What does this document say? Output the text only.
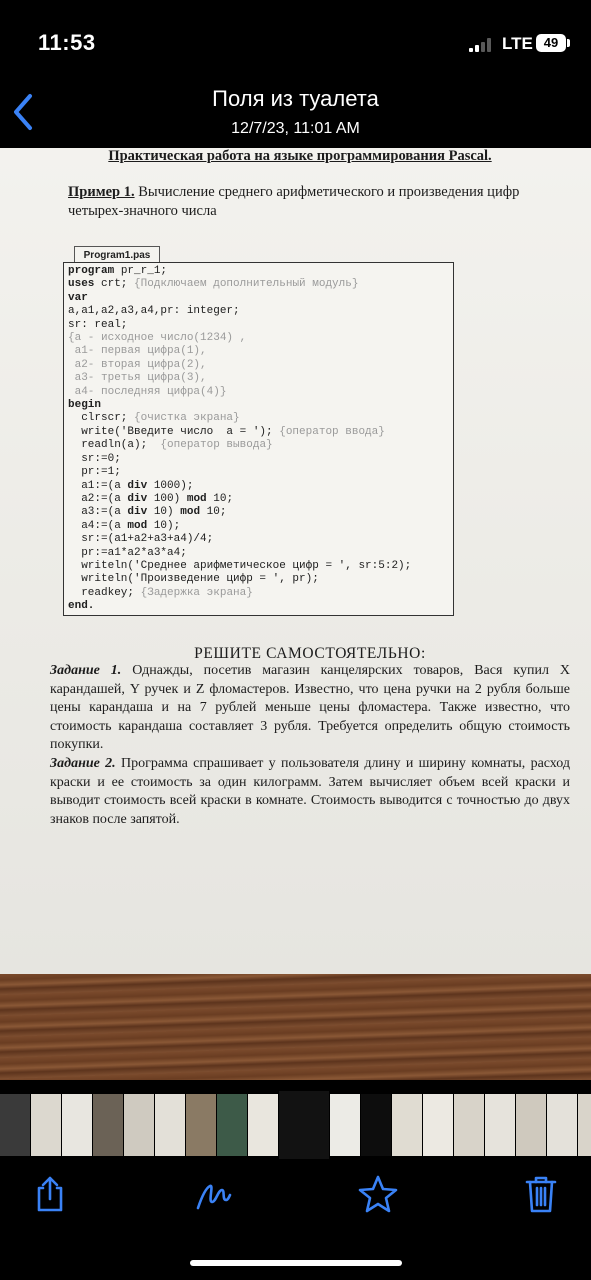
11:53	LTE 49
Поля из туалета
12/7/23, 11:01 AM
Практическая работа на языке программирования Pascal.
Пример 1. Вычисление среднего арифметического и произведения цифр четырех-значного числа
Program1.pas
program pr_r_1;
uses crt; {Подключаем дополнительный модуль}
var
a,a1,a2,a3,a4,pr: integer;
sr: real;
{a - исходное число(1234) ,
a1- первая цифра(1),
a2- вторая цифра(2),
a3- третья цифра(3),
a4- последняя цифра(4)}
begin
clrscr; {очистка экрана}
write('Введите число  a = '); {оператор ввода}
readln(a);  {оператор вывода}
sr:=0;
pr:=1;
a1:=(a div 1000);
a2:=(a div 100) mod 10;
a3:=(a div 10) mod 10;
a4:=(a mod 10);
sr:=(a1+a2+a3+a4)/4;
pr:=a1*a2*a3*a4;
writeln('Среднее арифметическое цифр = ', sr:5:2);
writeln('Произведение цифр = ', pr);
readkey; {Задержка экрана}
end.
РЕШИТЕ САМОСТОЯТЕЛЬНО:

Задание 1. Однажды, посетив магазин канцелярских товаров, Вася купил X карандашей, Y ручек и Z фломастеров. Известно, что цена ручки на 2 рубля больше цены карандаша и на 7 рублей меньше цены фломастера. Также известно, что стоимость карандаша составляет 3 рубля. Требуется определить общую стоимость покупки.

Задание 2. Программа спрашивает у пользователя длину и ширину комнаты, расход краски и ее стоимость за один килограмм. Затем вычисляет объем всей краски и выводит стоимость всей краски в комнате. Стоимость выводится с точностью до двух знаков после запятой.
